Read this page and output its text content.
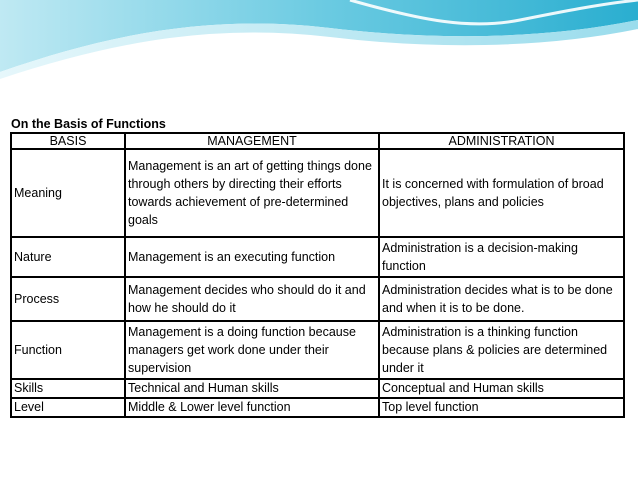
On the Basis of Functions
BASIS	MANAGEMENT	ADMINISTRATION
Meaning	Management is an art of getting things done through others by directing their efforts towards achievement of pre-determined goals	It is concerned with formulation of broad objectives, plans and policies
Nature	Management is an executing function	Administration is a decision-making function
Process	Management decides who should do it and how he should do it	Administration decides what is to be done and when it is to be done.
Function	Management is a doing function because managers get work done under their supervision	Administration is a thinking function because plans & policies are determined under it
Skills	Technical and Human skills	Conceptual and Human skills
Level	Middle & Lower level function	Top level function
